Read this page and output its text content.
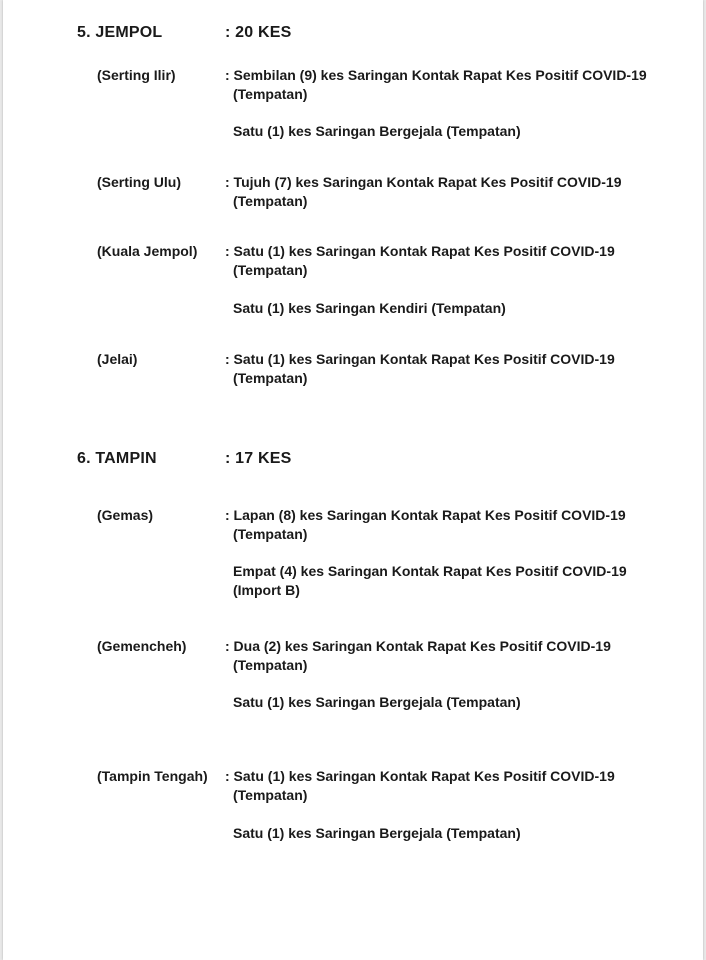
5. JEMPOL	: 20 KES
(Serting Ilir)	: Sembilan (9) kes Saringan Kontak Rapat Kes Positif COVID-19
(Tempatan)
Satu (1) kes Saringan Bergejala (Tempatan)
(Serting Ulu)	: Tujuh (7) kes Saringan Kontak Rapat Kes Positif COVID-19
(Tempatan)
(Kuala Jempol) : Satu (1) kes Saringan Kontak Rapat Kes Positif COVID-19
(Tempatan)
Satu (1) kes Saringan Kendiri (Tempatan)
(Jelai)	: Satu (1) kes Saringan Kontak Rapat Kes Positif COVID-19
(Tempatan)
6. TAMPIN	: 17 KES
(Gemas)	: Lapan (8) kes Saringan Kontak Rapat Kes Positif COVID-19
(Tempatan)
Empat (4) kes Saringan Kontak Rapat Kes Positif COVID-19
(Import B)
(Gemencheh)	: Dua (2) kes Saringan Kontak Rapat Kes Positif COVID-19
(Tempatan)
Satu (1) kes Saringan Bergejala (Tempatan)
(Tampin Tengah) : Satu (1) kes Saringan Kontak Rapat Kes Positif COVID-19
(Tempatan)
Satu (1) kes Saringan Bergejala (Tempatan)
